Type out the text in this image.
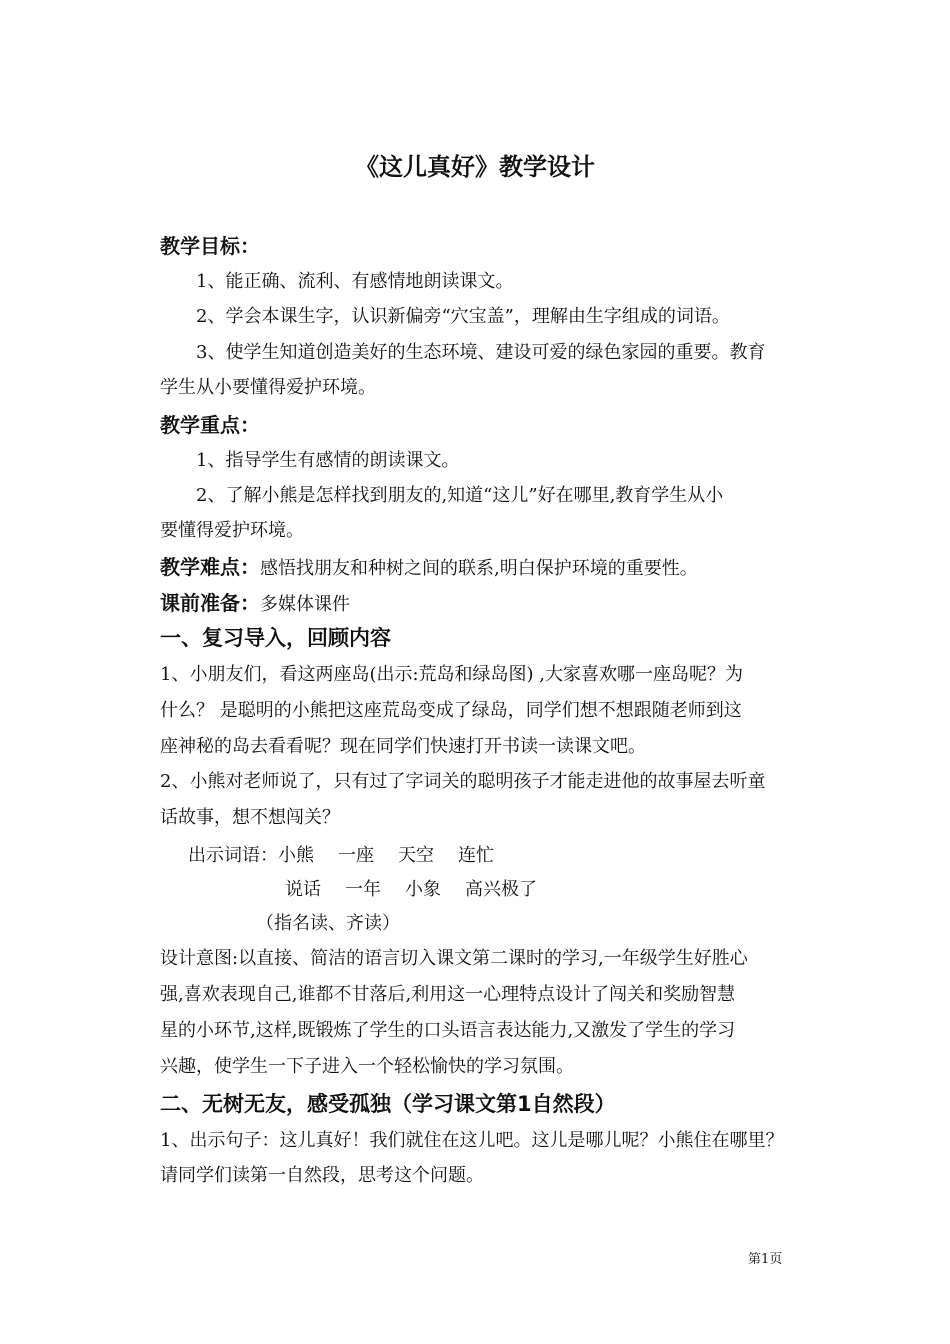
《这儿真好》教学设计
教学目标：
1、能正确、流利、有感情地朗读课文。
2、学会本课生字，认识新偏旁“穴宝盖”，理解由生字组成的词语。
3、使学生知道创造美好的生态环境、建设可爱的绿色家园的重要。教育
学生从小要懂得爱护环境。
教学重点：
1、指导学生有感情的朗读课文。
2、了解小熊是怎样找到朋友的,知道“这儿”好在哪里,教育学生从小
要懂得爱护环境。
教学难点：感悟找朋友和种树之间的联系,明白保护环境的重要性。
课前准备：多媒体课件
一、复习导入，回顾内容
1、小朋友们，看这两座岛(出示:荒岛和绿岛图) ,大家喜欢哪一座岛呢？为
什么？ 是聪明的小熊把这座荒岛变成了绿岛，同学们想不想跟随老师到这
座神秘的岛去看看呢？现在同学们快速打开书读一读课文吧。
2、小熊对老师说了，只有过了字词关的聪明孩子才能走进他的故事屋去听童
话故事，想不想闯关？
出示词语：小熊 一座 天空 连忙
说话 一年 小象 高兴极了
（指名读、齐读）
设计意图:以直接、简洁的语言切入课文第二课时的学习,一年级学生好胜心
强,喜欢表现自己,谁都不甘落后,利用这一心理特点设计了闯关和奖励智慧
星的小环节,这样,既锻炼了学生的口头语言表达能力,又激发了学生的学习
兴趣，使学生一下子进入一个轻松愉快的学习氛围。
二、无树无友，感受孤独（学习课文第1自然段）
1、出示句子：这儿真好！我们就住在这儿吧。这儿是哪儿呢？小熊住在哪里？
请同学们读第一自然段，思考这个问题。
第1页
